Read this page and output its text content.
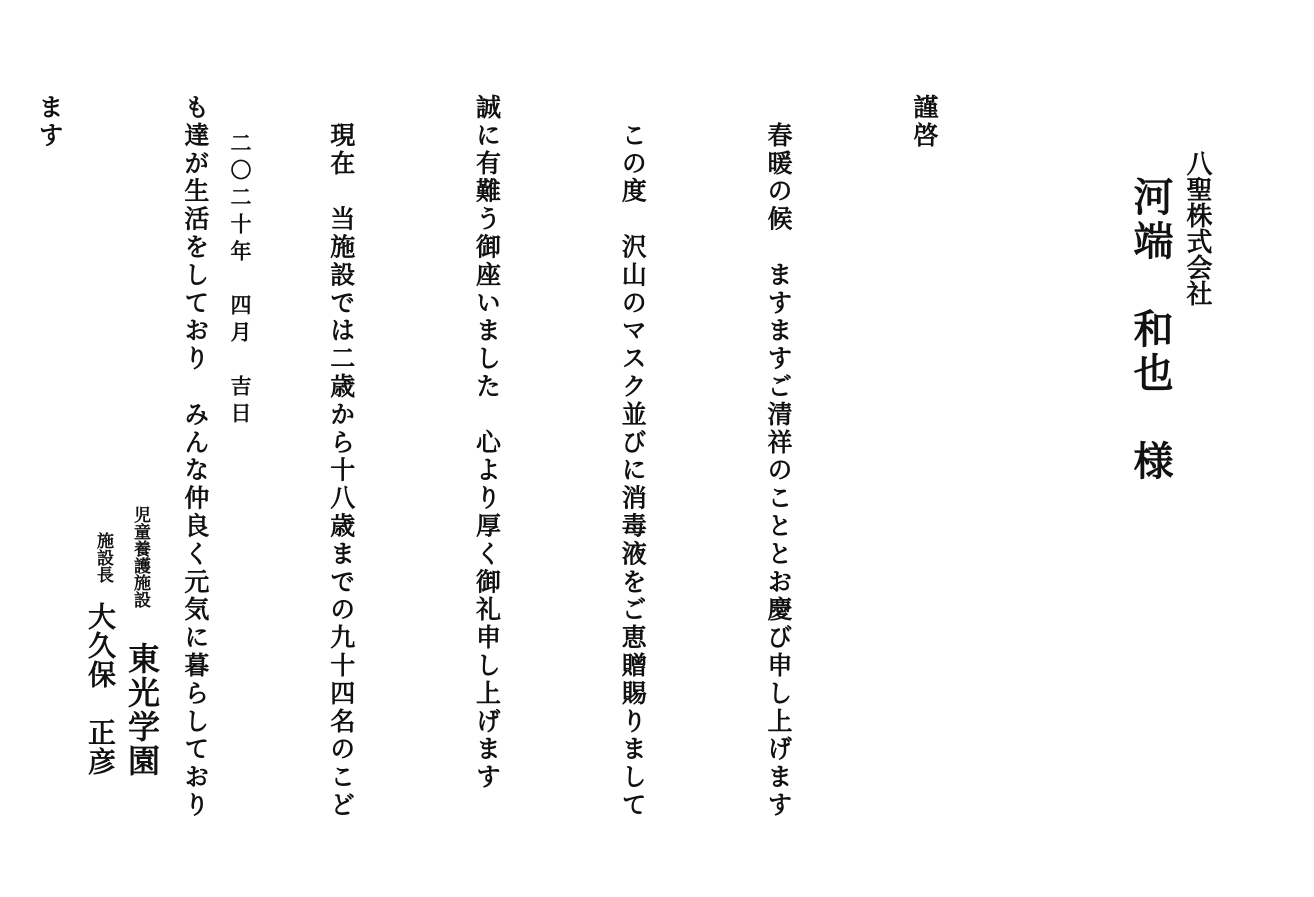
八聖株式会社
河端　和也　様

謹啓

　春暖の候　ますますご清祥のこととお慶び申し上げます

　この度　沢山のマスク並びに消毒液をご恵贈賜りまして

誠に有難う御座いました　心より厚く御礼申し上げます

　現在　当施設では二歳から十八歳までの九十四名のこど

も達が生活をしており　みんな仲良く元気に暮らしており

ます

二〇二十年　四月　吉日
児童養護施設
東光学園
施設長
大久保　正彦
